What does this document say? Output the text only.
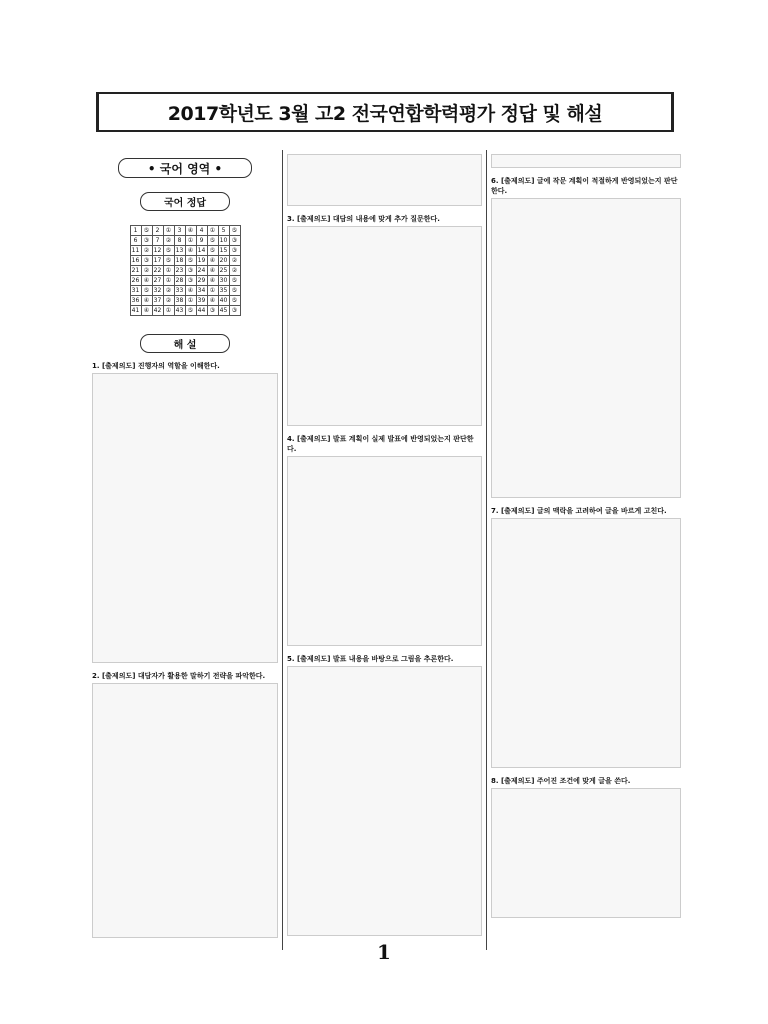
2017학년도 3월 고2 전국연합학력평가 정답 및 해설
• 국어 영역 •
국어 정답
1	⑤	2	①	3	④	4	①	5	⑤
6	③	7	②	8	①	9	⑤	10	③
11	②	12	⑤	13	④	14	⑤	15	③
16	③	17	⑤	18	⑤	19	④	20	②
21	②	22	①	23	③	24	④	25	②
26	④	27	①	28	③	29	④	30	⑤
31	⑤	32	②	33	④	34	①	35	⑤
36	④	37	②	38	①	39	④	40	⑤
41	④	42	①	43	⑤	44	③	45	③
해 설
1. [출제의도] 진행자의 역할을 이해한다.
2. [출제의도] 대담자가 활용한 말하기 전략을 파악한다.
3. [출제의도] 대담의 내용에 맞게 추가 질문한다.
4. [출제의도] 발표 계획이 실제 발표에 반영되었는지 판단한다.
5. [출제의도] 발표 내용을 바탕으로 그림을 추론한다.
6. [출제의도] 글에 작문 계획이 적절하게 반영되었는지 판단한다.
7. [출제의도] 글의 맥락을 고려하여 글을 바르게 고친다.
8. [출제의도] 주어진 조건에 맞게 글을 쓴다.
1
